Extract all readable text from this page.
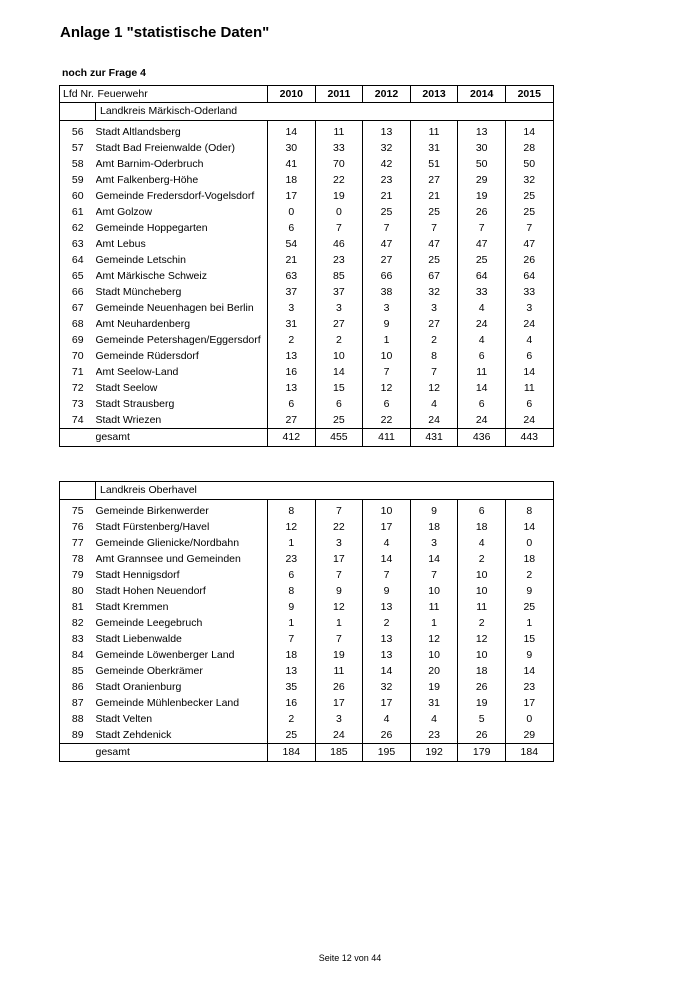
Anlage 1 "statistische Daten"
noch zur Frage 4
Lfd Nr.	Feuerwehr	2010	2011	2012	2013	2014	2015
	Landkreis Märkisch-Oderland						

56	Stadt Altlandsberg	14	11	13	11	13	14
57	Stadt Bad Freienwalde (Oder)	30	33	32	31	30	28
58	Amt Barnim-Oderbruch	41	70	42	51	50	50
59	Amt Falkenberg-Höhe	18	22	23	27	29	32
60	Gemeinde Fredersdorf-Vogelsdorf	17	19	21	21	19	25
61	Amt Golzow	0	0	25	25	26	25
62	Gemeinde Hoppegarten	6	7	7	7	7	7
63	Amt Lebus	54	46	47	47	47	47
64	Gemeinde Letschin	21	23	27	25	25	26
65	Amt Märkische Schweiz	63	85	66	67	64	64
66	Stadt Müncheberg	37	37	38	32	33	33
67	Gemeinde Neuenhagen bei Berlin	3	3	3	3	4	3
68	Amt Neuhardenberg	31	27	9	27	24	24
69	Gemeinde Petershagen/Eggersdorf	2	2	1	2	4	4
70	Gemeinde Rüdersdorf	13	10	10	8	6	6
71	Amt Seelow-Land	16	14	7	7	11	14
72	Stadt Seelow	13	15	12	12	14	11
73	Stadt Strausberg	6	6	6	4	6	6
74	Stadt Wriezen	27	25	22	24	24	24
	gesamt	412	455	411	431	436	443
	Landkreis Oberhavel						

75	Gemeinde Birkenwerder	8	7	10	9	6	8
76	Stadt Fürstenberg/Havel	12	22	17	18	18	14
77	Gemeinde Glienicke/Nordbahn	1	3	4	3	4	0
78	Amt Grannsee und Gemeinden	23	17	14	14	2	18
79	Stadt Hennigsdorf	6	7	7	7	10	2
80	Stadt Hohen Neuendorf	8	9	9	10	10	9
81	Stadt Kremmen	9	12	13	11	11	25
82	Gemeinde Leegebruch	1	1	2	1	2	1
83	Stadt Liebenwalde	7	7	13	12	12	15
84	Gemeinde Löwenberger Land	18	19	13	10	10	9
85	Gemeinde Oberkrämer	13	11	14	20	18	14
86	Stadt Oranienburg	35	26	32	19	26	23
87	Gemeinde Mühlenbecker Land	16	17	17	31	19	17
88	Stadt Velten	2	3	4	4	5	0
89	Stadt Zehdenick	25	24	26	23	26	29
	gesamt	184	185	195	192	179	184
Seite 12 von 44
